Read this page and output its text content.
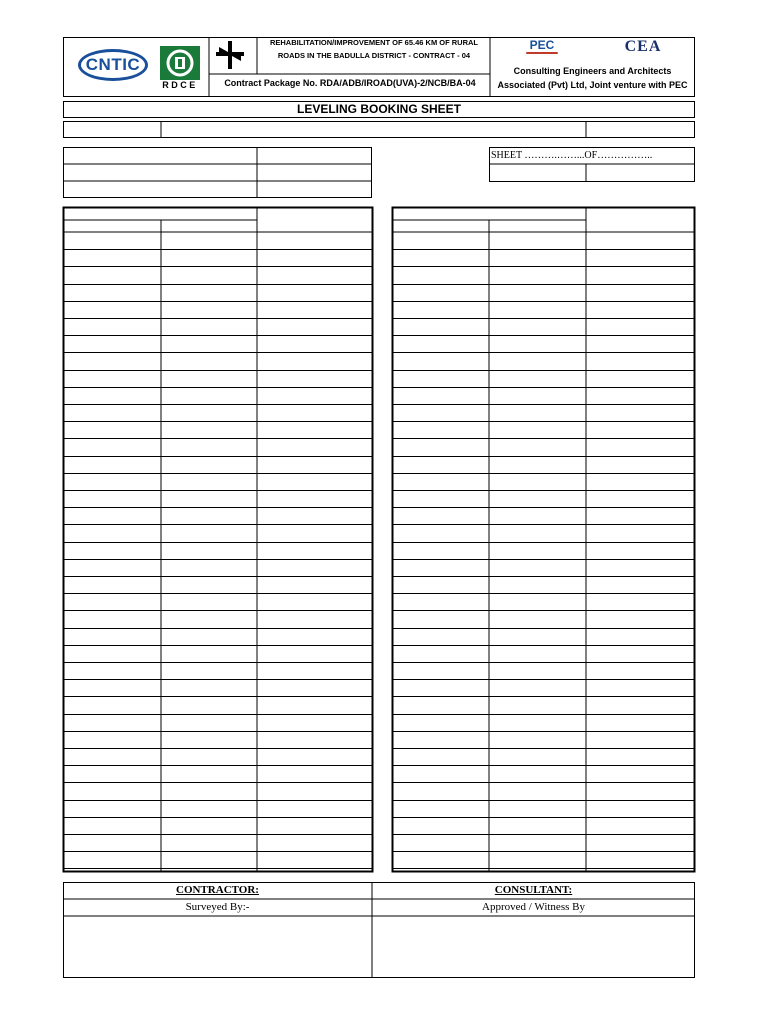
CNTIC
RDCE
REHABILITATION/IMPROVEMENT OF 65.46 KM OF RURAL ROADS IN THE BADULLA DISTRICT - CONTRACT - 04
Contract Package No. RDA/ADB/IROAD(UVA)-2/NCB/BA-04
PEC	CEA
Consulting Engineers and Architects Associated (Pvt) Ltd, Joint venture with PEC
LEVELING BOOKING SHEET
SHEET ……….……...OF……………..
CONTRACTOR:	CONSULTANT:
Surveyed By:-	Approved / Witness By
